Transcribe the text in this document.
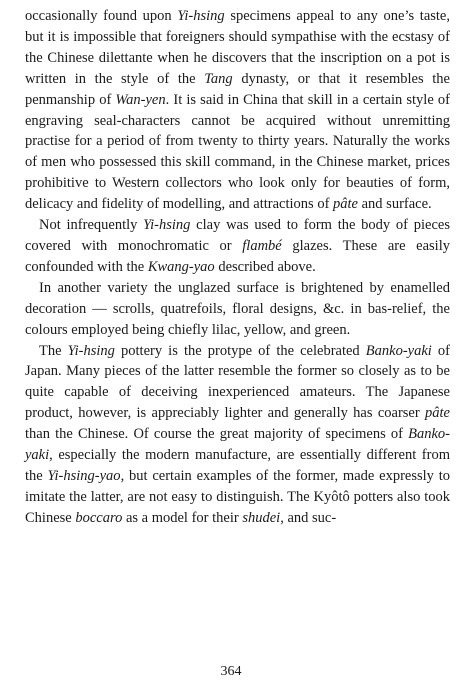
occasionally found upon Yi-hsing specimens appeal to any one’s taste, but it is impossible that foreigners should sympathise with the ecstasy of the Chinese dilettante when he discovers that the inscription on a pot is written in the style of the Tang dynasty, or that it resembles the penmanship of Wan-yen. It is said in China that skill in a certain style of engraving seal-characters cannot be acquired without unremitting practise for a period of from twenty to thirty years. Naturally the works of men who possessed this skill command, in the Chinese market, prices prohibitive to Western collectors who look only for beauties of form, delicacy and fidelity of modelling, and attractions of pâte and surface.

Not infrequently Yi-hsing clay was used to form the body of pieces covered with monochromatic or flambé glazes. These are easily confounded with the Kwang-yao described above.

In another variety the unglazed surface is brightened by enamelled decoration — scrolls, quatrefoils, floral designs, &c. in bas-relief, the colours employed being chiefly lilac, yellow, and green.

The Yi-hsing pottery is the protype of the celebrated Banko-yaki of Japan. Many pieces of the latter resemble the former so closely as to be quite capable of deceiving inexperienced amateurs. The Japanese product, however, is appreciably lighter and generally has coarser pâte than the Chinese. Of course the great majority of specimens of Banko-yaki, especially the modern manufacture, are essentially different from the Yi-hsing-yao, but certain examples of the former, made expressly to imitate the latter, are not easy to distinguish. The Kyôtô potters also took Chinese boccaro as a model for their shudei, and suc-

364
